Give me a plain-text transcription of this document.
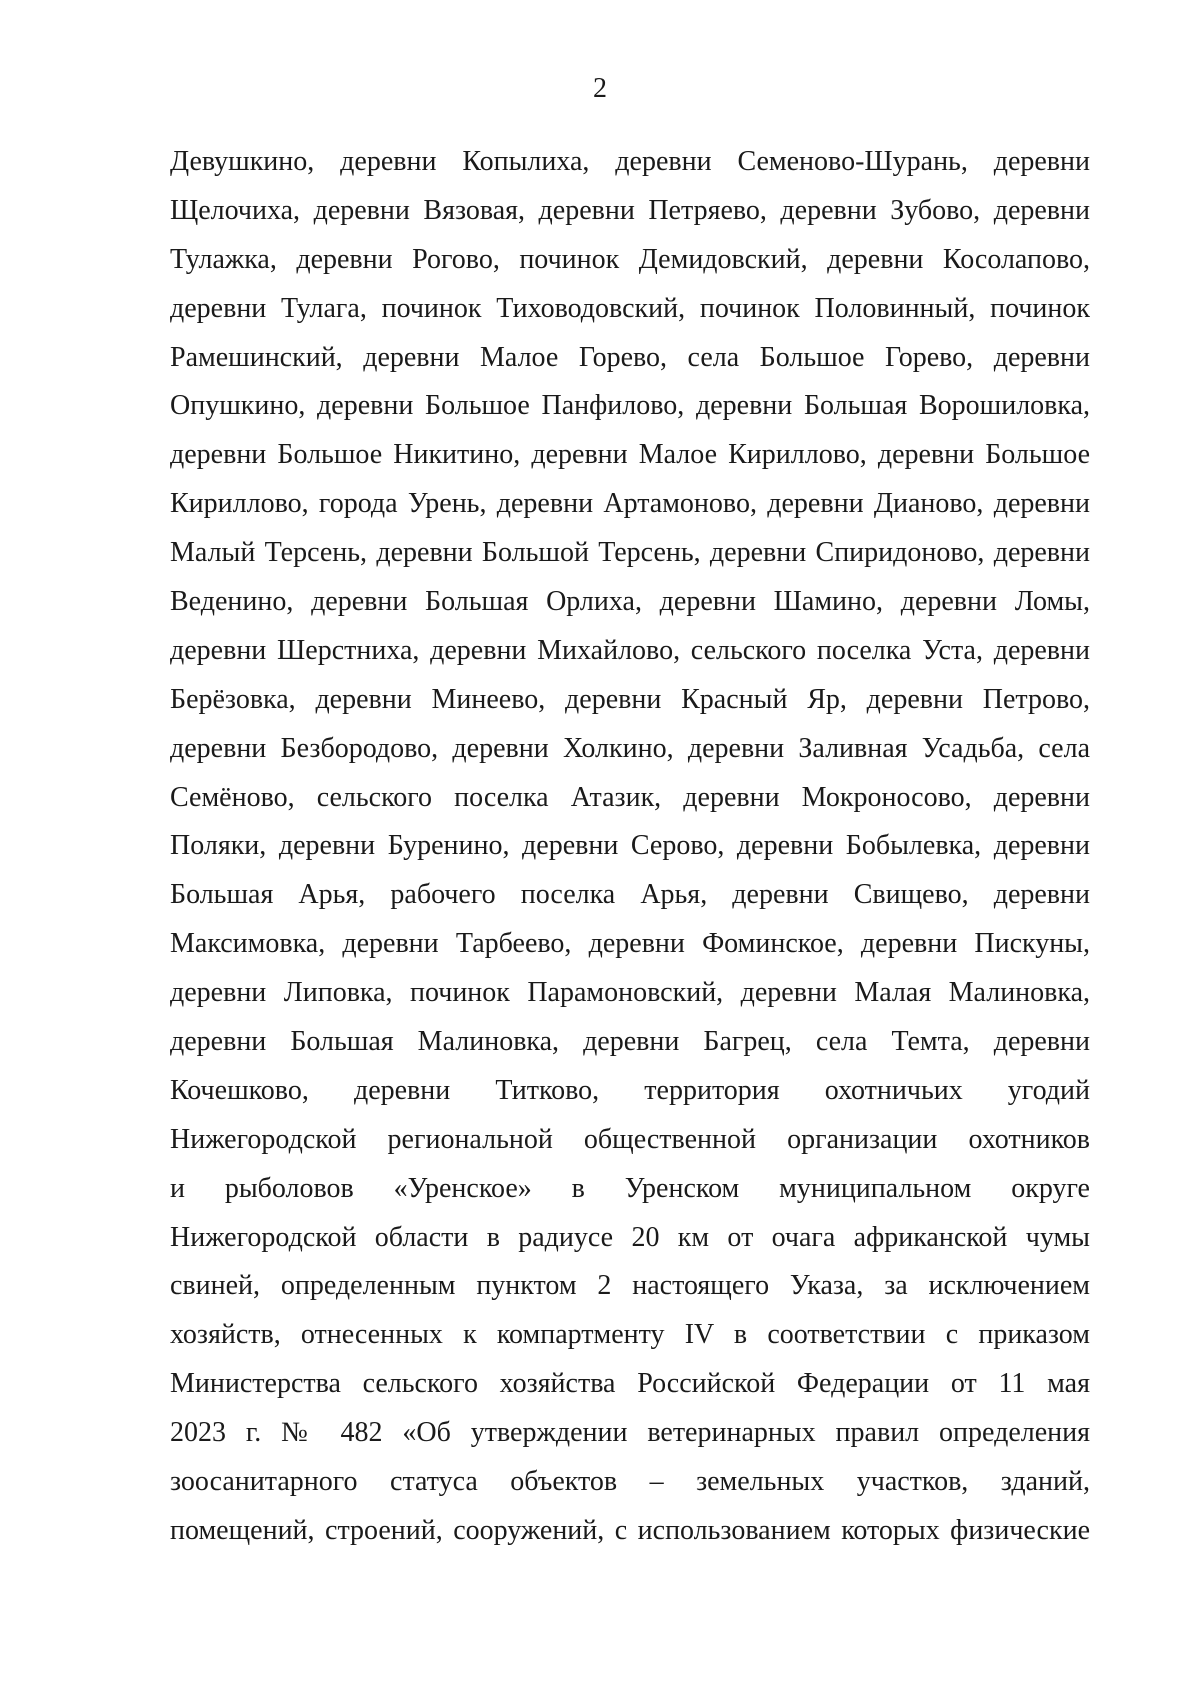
2
Девушкино, деревни Копылиха, деревни Семеново-Шурань, деревни
Щелочиха, деревни Вязовая, деревни Петряево, деревни Зубово, деревни
Тулажка, деревни Рогово, починок Демидовский, деревни Косолапово,
деревни Тулага, починок Тиховодовский, починок Половинный, починок
Рамешинский, деревни Малое Горево, села Большое Горево, деревни
Опушкино, деревни Большое Панфилово, деревни Большая Ворошиловка,
деревни Большое Никитино, деревни Малое Кириллово, деревни Большое
Кириллово, города Урень, деревни Артамоново, деревни Дианово, деревни
Малый Терсень, деревни Большой Терсень, деревни Спиридоново, деревни
Веденино, деревни Большая Орлиха, деревни Шамино, деревни Ломы,
деревни Шерстниха, деревни Михайлово, сельского поселка Уста, деревни
Берёзовка, деревни Минеево, деревни Красный Яр, деревни Петрово,
деревни Безбородово, деревни Холкино, деревни Заливная Усадьба, села
Семёново, сельского поселка Атазик, деревни Мокроносово, деревни
Поляки, деревни Буренино, деревни Серово, деревни Бобылевка, деревни
Большая Арья, рабочего поселка Арья, деревни Свищево, деревни
Максимовка, деревни Тарбеево, деревни Фоминское, деревни Пискуны,
деревни Липовка, починок Парамоновский, деревни Малая Малиновка,
деревни Большая Малиновка, деревни Багрец, села Темта, деревни
Кочешково, деревни Титково, территория охотничьих угодий
Нижегородской региональной общественной организации охотников
и рыболовов «Уренское» в Уренском муниципальном округе
Нижегородской области в радиусе 20 км от очага африканской чумы
свиней, определенным пунктом 2 настоящего Указа, за исключением
хозяйств, отнесенных к компартменту IV в соответствии с приказом
Министерства сельского хозяйства Российской Федерации от 11 мая
2023 г. № 482 «Об утверждении ветеринарных правил определения
зоосанитарного статуса объектов – земельных участков, зданий,
помещений, строений, сооружений, с использованием которых физические
